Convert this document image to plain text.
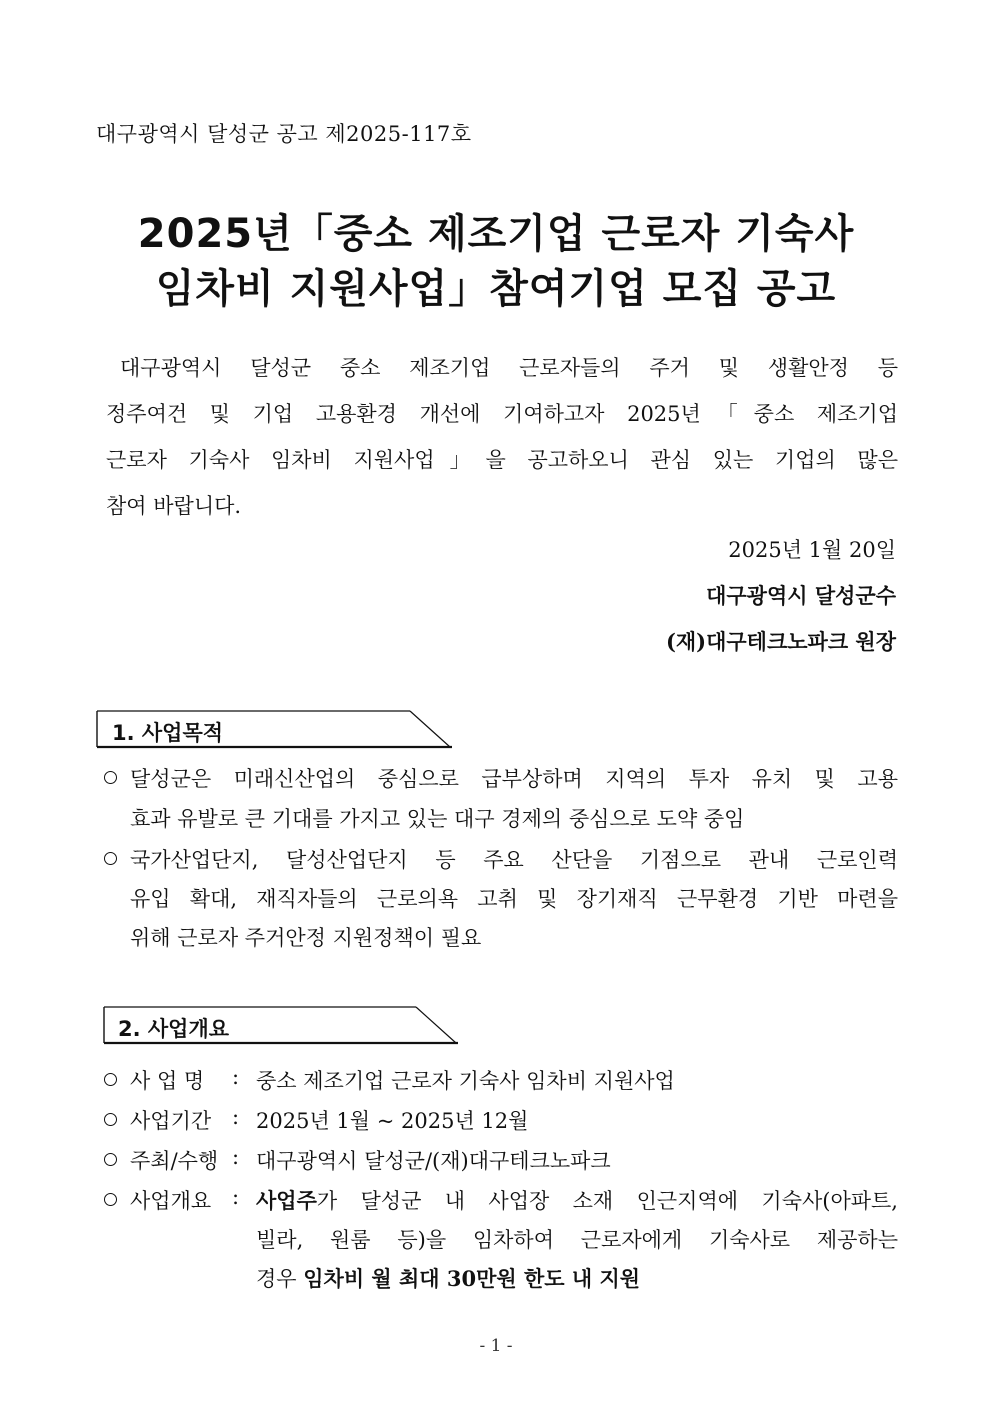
대구광역시 달성군 공고 제2025-117호
2025년「중소 제조기업 근로자 기숙사
임차비 지원사업」참여기업 모집 공고
대구광역시 달성군 중소 제조기업 근로자들의 주거 및 생활안정 등
정주여건 및 기업 고용환경 개선에 기여하고자 2025년「중소 제조기업
근로자 기숙사 임차비 지원사업」을 공고하오니 관심 있는 기업의 많은
참여 바랍니다.
2025년 1월 20일
대구광역시 달성군수
(재)대구테크노파크 원장
1. 사업목적
달성군은 미래신산업의 중심으로 급부상하며 지역의 투자 유치 및 고용
효과 유발로 큰 기대를 가지고 있는 대구 경제의 중심으로 도약 중임
국가산업단지, 달성산업단지 등 주요 산단을 기점으로 관내 근로인력
유입 확대, 재직자들의 근로의욕 고취 및 장기재직 근무환경 기반 마련을
위해 근로자 주거안정 지원정책이 필요
2. 사업개요
사 업 명 : 중소 제조기업 근로자 기숙사 임차비 지원사업
사업기간 : 2025년 1월 ~ 2025년 12월
주최/수행 : 대구광역시 달성군/(재)대구테크노파크
사업개요 : 사업주가 달성군 내 사업장 소재 인근지역에 기숙사(아파트,
빌라, 원룸 등)을 임차하여 근로자에게 기숙사로 제공하는
경우 임차비 월 최대 30만원 한도 내 지원
- 1 -
